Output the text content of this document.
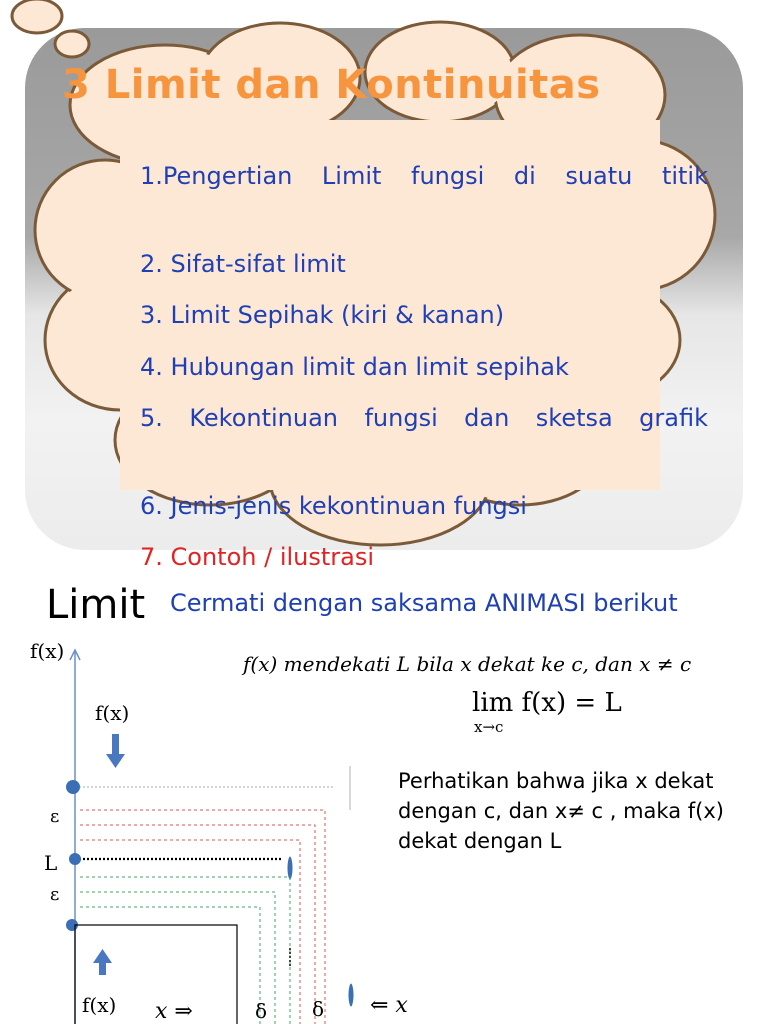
3 Limit dan Kontinuitas
1.Pengertian Limit fungsi di suatu titik
2. Sifat-sifat limit
3. Limit Sepihak (kiri & kanan)
4. Hubungan limit dan limit sepihak
5. Kekontinuan fungsi dan sketsa grafik
6. Jenis-jenis kekontinuan fungsi
7. Contoh / ilustrasi
Limit Cermati dengan saksama ANIMASI berikut
f(x) mendekati L bila x dekat ke c, dan x ≠ c
lim f(x) = L
x→c
Perhatikan bahwa jika x dekat dengan c, dan x≠ c , maka f(x) dekat dengan L
f(x)
f(x)
ε
L
ε
f(x) x ⇒	δ δ ⇐ x
